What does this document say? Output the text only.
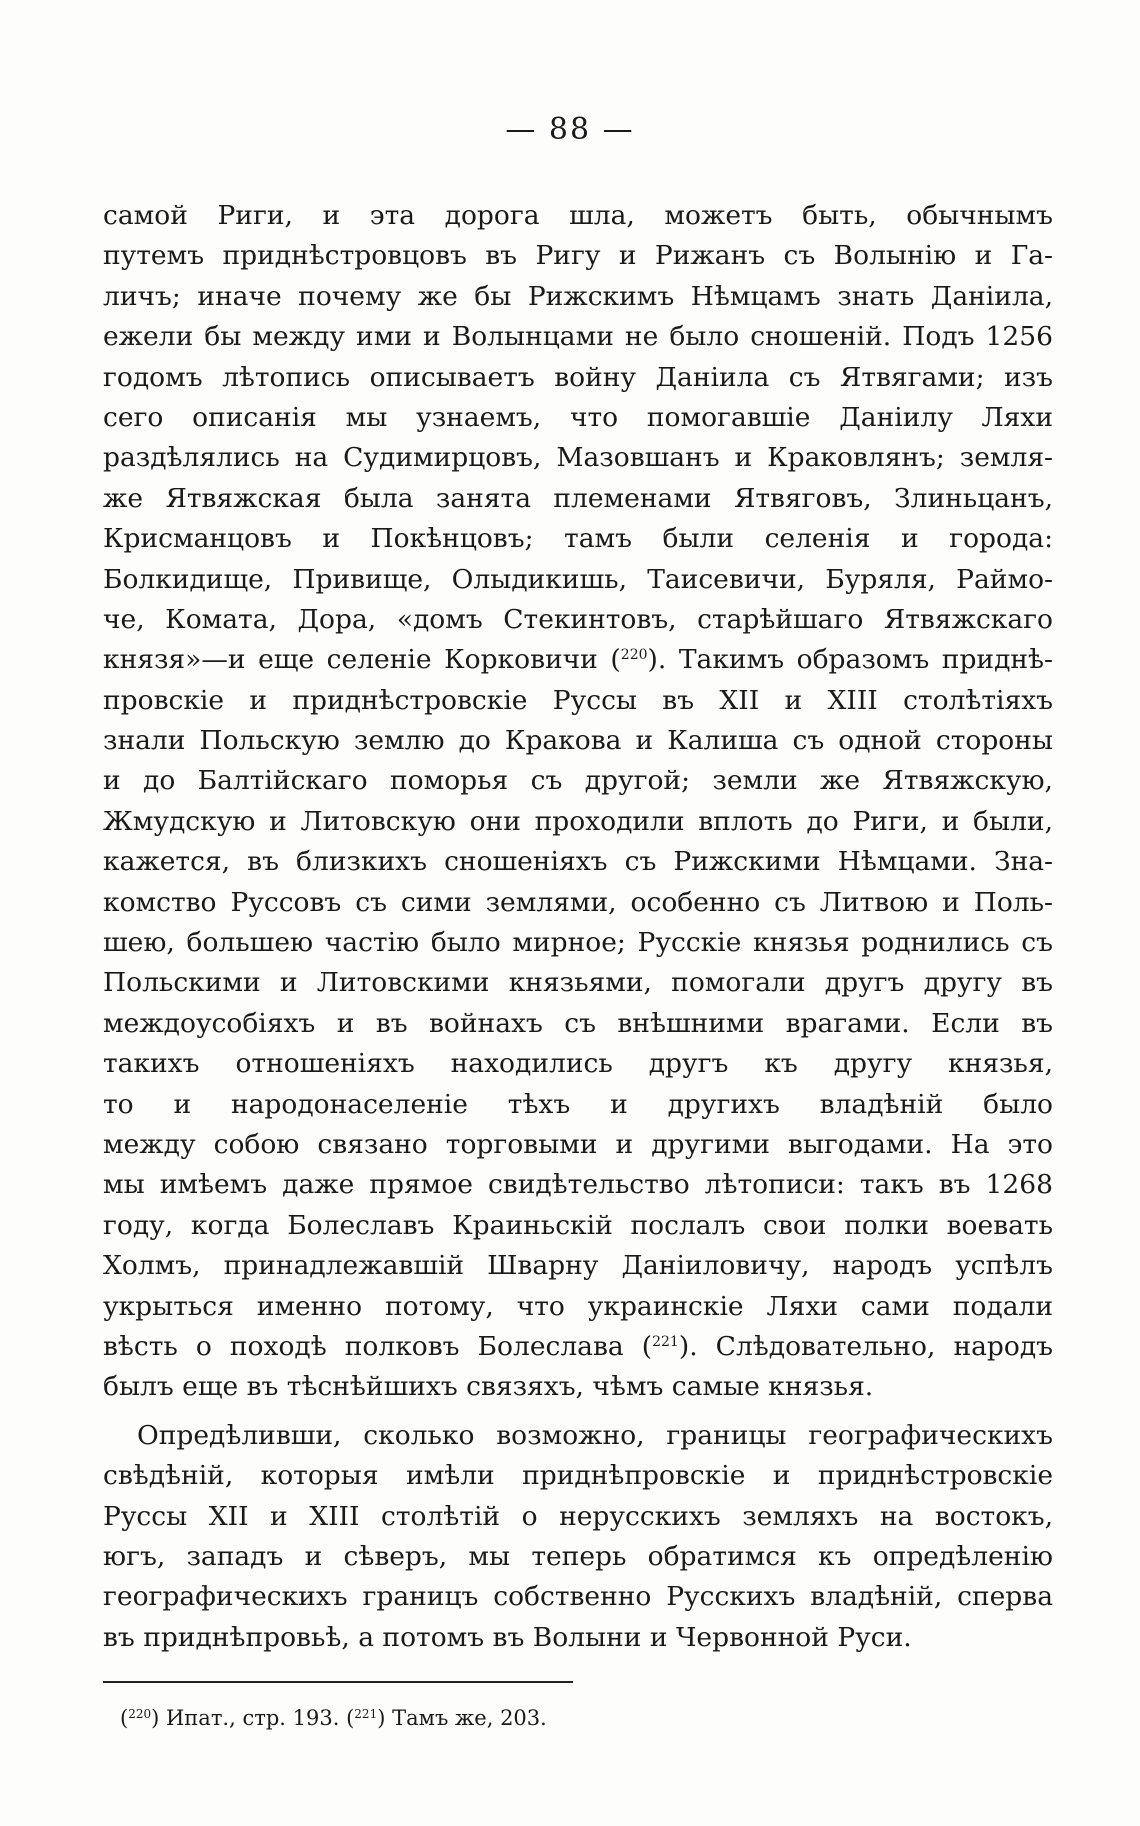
— 88 —
самой Риги, и эта дорога шла, можетъ быть, обычнымъ
путемъ приднѣстровцовъ въ Ригу и Рижанъ съ Волынію и Га-
личъ; иначе почему же бы Рижскимъ Нѣмцамъ знать Даніила,
ежели бы между ими и Волынцами не было сношеній. Подъ 1256
годомъ лѣтопись описываетъ войну Даніила съ Ятвягами; изъ
сего описанія мы узнаемъ, что помогавшіе Даніилу Ляхи
раздѣлялись на Судимирцовъ, Мазовшанъ и Краковлянъ; земля-
же Ятвяжская была занята племенами Ятвяговъ, Злиньцанъ,
Крисманцовъ и Покѣнцовъ; тамъ были селенія и города:
Болкидище, Привище, Олыдикишь, Таисевичи, Буряля, Раймо-
че, Комата, Дора, «домъ Стекинтовъ, старѣйшаго Ятвяжскаго
князя»—и еще селеніе Корковичи ($^{220}$). Такимъ образомъ приднѣ-
провскіе и приднѣстровскіе Руссы въ XII и XIII столѣтіяхъ
знали Польскую землю до Кракова и Калиша съ одной стороны
и до Балтійскаго поморья съ другой; земли же Ятвяжскую,
Жмудскую и Литовскую они проходили вплоть до Риги, и были,
кажется, въ близкихъ сношеніяхъ съ Рижскими Нѣмцами. Зна-
комство Руссовъ съ сими землями, особенно съ Литвою и Поль-
шею, большею частію было мирное; Русскіе князья роднились съ
Польскими и Литовскими князьями, помогали другъ другу въ
междоусобіяхъ и въ войнахъ съ внѣшними врагами. Если въ
такихъ отношеніяхъ находились другъ къ другу князья,
то и народонаселеніе тѣхъ и другихъ владѣній было
между собою связано торговыми и другими выгодами. На это
мы имѣемъ даже прямое свидѣтельство лѣтописи: такъ въ 1268
году, когда Болеславъ Краиньскій послалъ свои полки воевать
Холмъ, принадлежавшій Шварну Даніиловичу, народъ успѣлъ
укрыться именно потому, что украинскіе Ляхи сами подали
вѣсть о походѣ полковъ Болеслава ($^{221}$). Слѣдовательно, народъ
былъ еще въ тѣснѣйшихъ связяхъ, чѣмъ самые князья.
Опредѣливши, сколько возможно, границы географическихъ
свѣдѣній, которыя имѣли приднѣпровскіе и приднѣстровскіе
Руссы XII и XIII столѣтій о нерусскихъ земляхъ на востокъ,
югъ, западъ и сѣверъ, мы теперь обратимся къ опредѣленію
географическихъ границъ собственно Русскихъ владѣній, сперва
въ приднѣпровьѣ, а потомъ въ Волыни и Червонной Руси.
($^{220}$) Ипат., стр. 193. ($^{221}$) Тамъ же, 203.
